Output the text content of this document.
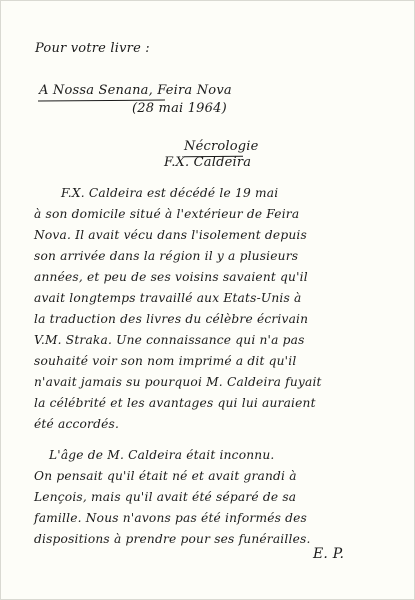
Pour votre livre :

A Nossa Senana, Feira Nova

(28 mai 1964)

Nécrologie

F.X. Caldeira

F.X. Caldeira est décédé le 19 mai

à son domicile situé à l'extérieur de Feira

Nova. Il avait vécu dans l'isolement depuis

son arrivée dans la région il y a plusieurs

années, et peu de ses voisins savaient qu'il

avait longtemps travaillé aux Etats-Unis à

la traduction des livres du célèbre écrivain

V.M. Straka. Une connaissance qui n'a pas

souhaité voir son nom imprimé a dit qu'il

n'avait jamais su pourquoi M. Caldeira fuyait

la célébrité et les avantages qui lui auraient

été accordés.

L'âge de M. Caldeira était inconnu.

On pensait qu'il était né et avait grandi à

Lençois, mais qu'il avait été séparé de sa

famille. Nous n'avons pas été informés des

dispositions à prendre pour ses funérailles.

E. P.
